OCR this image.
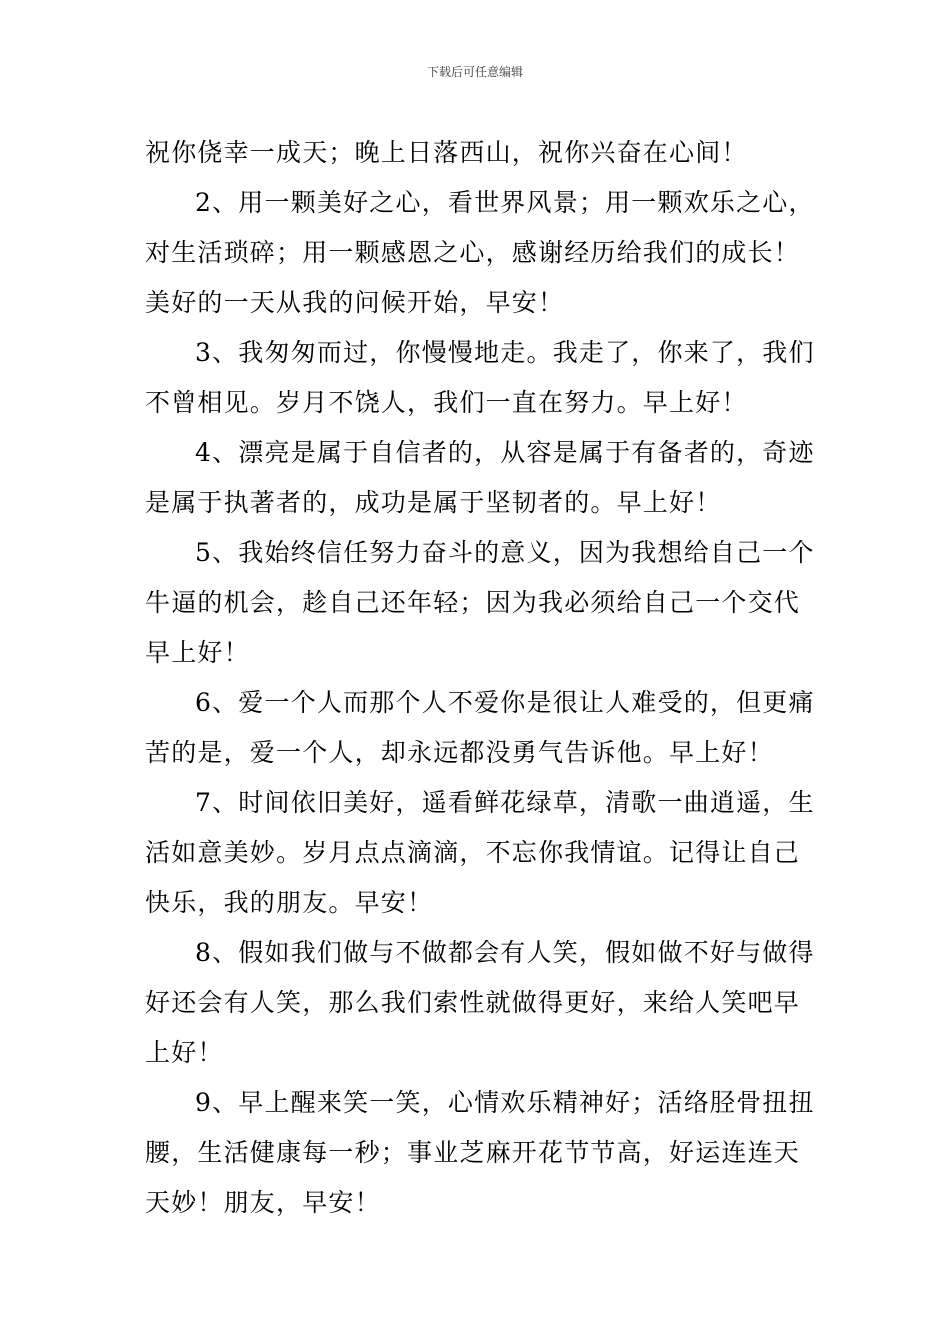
下载后可任意编辑
祝你侥幸一成天；晚上日落西山，祝你兴奋在心间！
2、用一颗美好之心，看世界风景；用一颗欢乐之心，
对生活琐碎；用一颗感恩之心，感谢经历给我们的成长！
美好的一天从我的问候开始，早安！
3、我匆匆而过，你慢慢地走。我走了，你来了，我们
不曾相见。岁月不饶人，我们一直在努力。早上好！
4、漂亮是属于自信者的，从容是属于有备者的，奇迹
是属于执著者的，成功是属于坚韧者的。早上好！
5、我始终信任努力奋斗的意义，因为我想给自己一个
牛逼的机会，趁自己还年轻；因为我必须给自己一个交代
早上好！
6、爱一个人而那个人不爱你是很让人难受的，但更痛
苦的是，爱一个人，却永远都没勇气告诉他。早上好！
7、时间依旧美好，遥看鲜花绿草，清歌一曲逍遥，生
活如意美妙。岁月点点滴滴，不忘你我情谊。记得让自己
快乐，我的朋友。早安！
8、假如我们做与不做都会有人笑，假如做不好与做得
好还会有人笑，那么我们索性就做得更好，来给人笑吧早
上好！
9、早上醒来笑一笑，心情欢乐精神好；活络胫骨扭扭
腰，生活健康每一秒；事业芝麻开花节节高，好运连连天
天妙！朋友，早安！
